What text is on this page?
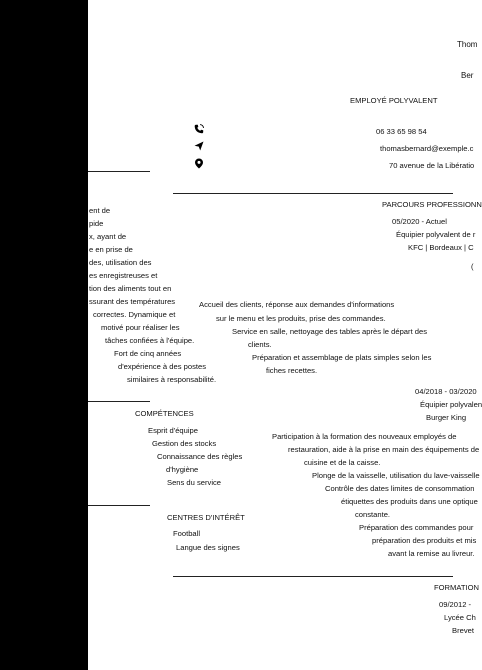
Thom
Ber
EMPLOYÉ POLYVALENT
06 33 65 98 54
thomasbernard@exemple.c
70 avenue de la Libératio
ent de
pide
x, ayant de
e en prise de
des, utilisation des
es enregistreuses et
tion des aliments tout en
ssurant des températures
correctes. Dynamique et
motivé pour réaliser les
tâches confiées à l'équipe.
Fort de cinq années
d'expérience à des postes
similaires à responsabilité.
COMPÉTENCES
Esprit d'équipe
Gestion des stocks
Connaissance des règles
d'hygiène
Sens du service
CENTRES D'INTÉRÊT
Football
Langue des signes
PARCOURS PROFESSIONN
05/2020 - Actuel
Équipier polyvalent de r
KFC | Bordeaux | C
(
Accueil des clients, réponse aux demandes d'informations
sur le menu et les produits, prise des commandes.
Service en salle, nettoyage des tables après le départ des
clients.
Préparation et assemblage de plats simples selon les
fiches recettes.
04/2018 - 03/2020
Équipier polyvalen
Burger King
Participation à la formation des nouveaux employés de
restauration, aide à la prise en main des équipements de
cuisine et de la caisse.
Plonge de la vaisselle, utilisation du lave-vaisselle
Contrôle des dates limites de consommation
étiquettes des produits dans une optique
constante.
Préparation des commandes pour
préparation des produits et mis
avant la remise au livreur.
FORMATION
09/2012 -
Lycée Ch
Brevet
